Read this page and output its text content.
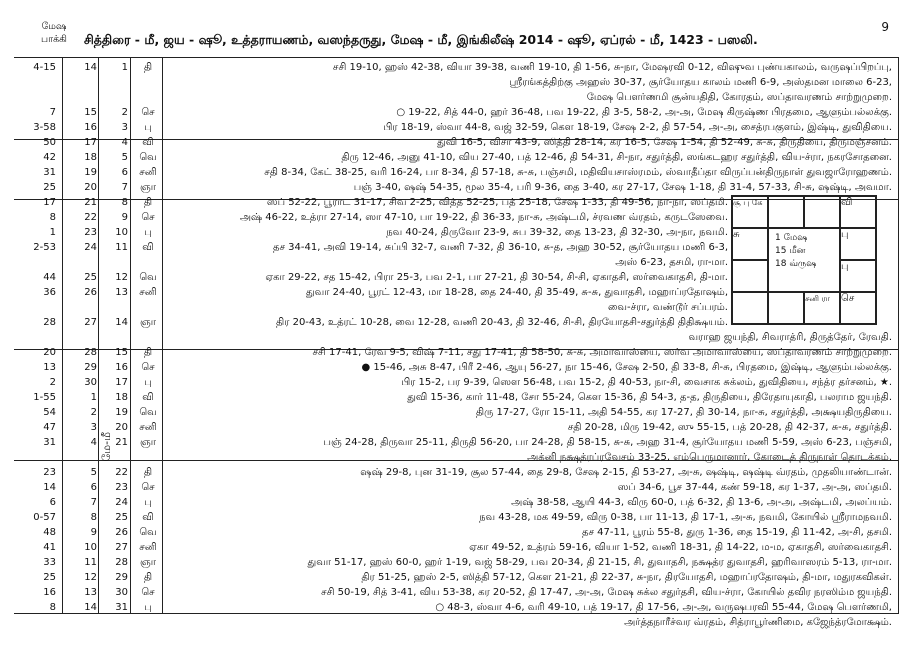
மேஷ
பாக்கி	சித்திரை - மீ, ஜய - ஷூ, உத்தராயணம், வஸந்தருது, மேஷ - மீ, இங்கிலீஷ் 2014 - ஷூ, ஏப்ரல் - மீ, 1423 - பஸலி.
9
மே-மீ
4-15	14	1	தி	சசி 19-10, ஹஸ் 42-38, வியா 39-38, வணி 19-10, தி 1-56, சு-நா, மேஷரவி 0-12, விஷுவ புண்யகாலம், வருஷப்பிறப்பு,
ஸ்ரீரங்கத்திற்கு அஹஸ் 30-37, சூர்யோதய காலம் மணி 6-9, அஸ்தமன மாலை 6-23,
மேஷ பௌர்ணமி சூன்யதிதி, கோரதம், ஸப்தாவரணம் சாற்றுமுறை.
7	15	2	செ	○ 19-22, சித் 44-0, ஹர் 36-48, பவ 19-22, தி 3-5, 58-2, அ-அ, மேஷ கிருஷ்ண பிரதமை, ஆளும்பல்லக்கு.
3-58	16	3	பு	பிர 18-19, ஸ்வா 44-8, வஜ் 32-59, கௌ 18-19, சேஷ 2-2, தி 57-54, அ-அ, சைத்ரபகுளம், இஷ்டி, துவிதியை.
50	17	4	வி	துவி 16-5, விசா 43-9, ஸித்தி 28-14, கர 16-5, சேஷ 1-54, தி 52-49, சு-சு, திருதியை, திருமஞ்சனம்.
42	18	5	வெ	திரு 12-46, அனு 41-10, விய 27-40, பத் 12-46, தி 54-31, சி-நா, சதுர்த்தி, ஸங்கடஹர சதுர்த்தி, விய-ச்ரா, நகரசோதனை.
31	19	6	சனி	சதி 8-34, கேட் 38-25, வரி 16-24, பா 8-34, தி 57-18, சு-சு, பஞ்சமி, மதிவியசாஸ்ரமம், ஸ்வாதீப்தா விருப்பன்திருநாள் துவஜாரோஹணம்.
25	20	7	ஞா	பஞ் 3-40, ஷஷ் 54-35, மூல 35-4, பரி 9-36, தை 3-40, கர 27-17, சேஷ 1-18, தி 31-4, 57-33, சி-சு, ஷஷ்டி, அவமா.
17	21	8	தி	ஸப் 52-22, பூராட 31-17, சிவ 2-25, வித்த 52-25, பத் 25-18, சேஷ 1-33, தி 49-56, நா-நா, ஸப்தமி.
8	22	9	செ	அஷ் 46-22, உத்ரா 27-14, ஸா 47-10, பா 19-22, தி 36-33, நா-சு, அஷ்டமி, ச்ரவண வ்ரதம், கருடஸேவை.
1	23	10	பு	நவ 40-24, திருவோ 23-9, சுப 39-32, தை 13-23, தி 32-30, அ-நா, நவமி.
2-53	24	11	வி	தச 34-41, அவி 19-14, சுப்பி 32-7, வணி 7-32, தி 36-10, சு-த, அஹ 30-52, சூர்யோதய மணி 6-3,
அஸ் 6-23, தசமி, ரா-மா.
44	25	12	வெ	ஏகா 29-22, சத 15-42, பிரா 25-3, பவ 2-1, பா 27-21, தி 30-54, சி-சி, ஏகாதசி, ஸர்வைகாதசி, தி-மா.
36	26	13	சனி	துவா 24-40, பூரட் 12-43, மா 18-28, தை 24-40, தி 35-49, சு-சு, துவாதசி, மஹாப்ரதோஷம்,
வை-ச்ரா, வண்டூர் சப்பரம்.
28	27	14	ஞா	திர 20-43, உத்ரட் 10-28, வை 12-28, வணி 20-43, தி 32-46, சி-சி, திரயோதசி-சதுர்த்தி திதிக்ஷயம்.
வராஹ ஜயந்தி, சிவராத்ரி, திருத்தேர், ரேவதி.
20	28	15	தி	சசி 17-41, ரேவ 9-5, விஷ் 7-11, சது 17-41, தி 58-50, சு-சு, அமாவாஸ்யை, ஸர்வ அமாவாஸ்யை, ஸப்தாவரணம் சாற்றுமுறை.
13	29	16	செ	● 15-46, அசு 8-47, பிரீ 2-46, ஆயு 56-27, நா 15-46, சேஷ 2-50, தி 33-8, சி-சு, பிரதமை, இஷ்டி, ஆளும்பல்லக்கு.
2	30	17	பு	பிர 15-2, பர 9-39, ஸௌ 56-48, பவ 15-2, தி 40-53, நா-சி, வைசாக சுக்லம், துவிதியை, சந்த்ர தர்சனம், ★.
1-55	1	18	வி	துவி 15-36, கார் 11-48, சோ 55-24, கௌ 15-36, தி 54-3, த-த, திருதியை, திரேதாயுகாதி, பலராம ஜயந்தி.
54	2	19	வெ	திரு 17-27, ரோ 15-11, அதி 54-55, கர 17-27, தி 30-14, நா-சு, சதுர்த்தி, அக்ஷயதிருதியை.
47	3	20	சனி	சதி 20-28, மிரு 19-42, ஸு 55-15, பத் 20-28, தி 42-37, சு-சு, சதுர்த்தி.
31	4	21	ஞா	பஞ் 24-28, திருவா 25-11, திருதி 56-20, பா 24-28, தி 58-15, சு-சு, அஹ 31-4, சூர்யோதய மணி 5-59, அஸ் 6-23, பஞ்சமி,
அக்னி நக்ஷத்ரப்ரவேசம் 33-25, எம்பெருமானார், கோடைத் திருநாள் தொடக்கம்.
23	5	22	தி	ஷஷ் 29-8, புன 31-19, சூல 57-44, தை 29-8, சேஷ 2-15, தி 53-27, அ-சு, ஷஷ்டி, ஷஷ்டி வ்ரதம், முதலியாண்டான்.
14	6	23	செ	ஸப் 34-6, பூச 37-44, கண் 59-18, கர 1-37, அ-அ, ஸப்தமி.
6	7	24	பு	அஷ் 38-58, ஆயி 44-3, விரு 60-0, பத் 6-32, தி 13-6, அ-அ, அஷ்டமி, அலப்யம்.
0-57	8	25	வி	நவ 43-28, மக 49-59, விரு 0-38, பா 11-13, தி 17-1, அ-சு, நவமி, கோயில் ஸ்ரீராமநவமி.
48	9	26	வெ	தச 47-11, பூரம் 55-8, துரு 1-36, தை 15-19, தி 11-42, அ-சி, தசமி.
41	10	27	சனி	ஏகா 49-52, உத்ரம் 59-16, வியா 1-52, வணி 18-31, தி 14-22, ம-ம, ஏகாதசி, ஸர்வைகாதசி.
33	11	28	ஞா	துவா 51-17, ஹஸ் 60-0, ஹர் 1-19, வஜ் 58-29, பவ 20-34, தி 21-15, சி, துவாதசி, நக்ஷத்ர துவாதசி, ஹரிவாஸரம் 5-13, ரா-மா.
25	12	29	தி	திர 51-25, ஹஸ் 2-5, ஸித்தி 57-12, கௌ 21-21, தி 22-37, சு-நா, திரயோதசி, மஹாப்ரதோஷம், தி-மா, மதுரகவிகள்.
16	13	30	செ	சசி 50-19, சித் 3-41, விய 53-38, கர 20-52, தி 17-47, அ-அ, மேஷ சுக்ல சதுர்தசி, விய-ச்ரா, கோயில் தவிர நரஸிம்ம ஜயந்தி.
8	14	31	பு	○ 48-3, ஸ்வா 4-6, வரி 49-10, பத் 19-17, தி 17-56, அ-அ, வருஷபரவி 55-44, மேஷ பௌர்ணமி,
அர்த்தநாரீச்வர வ்ரதம், சித்ராபூர்ணிமை, கஜேந்த்ரமோக்ஷம்.
சூ பு கே	வி
சு	1 மேஷ
15 மீன
18 வ்ருஷ
பு
பு
சனி ரா	செ
